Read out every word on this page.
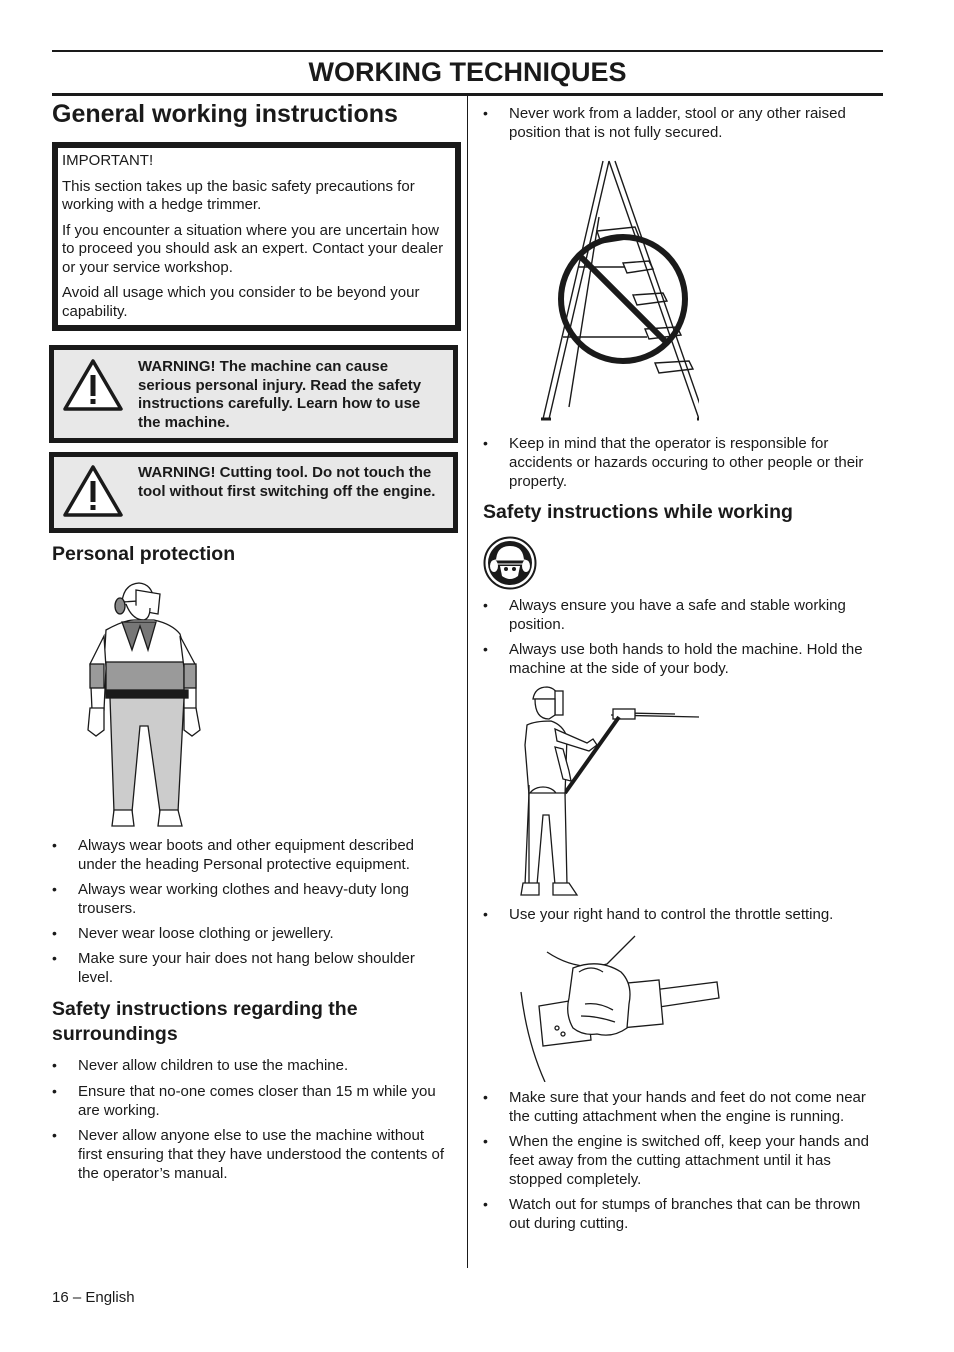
WORKING TECHNIQUES
General working instructions

IMPORTANT!

This section takes up the basic safety precautions for working with a hedge trimmer.

If you encounter a situation where you are uncertain how to proceed you should ask an expert. Contact your dealer or your service workshop.

Avoid all usage which you consider to be beyond your capability.

WARNING! The machine can cause serious personal injury. Read the safety instructions carefully. Learn how to use the machine.
WARNING! Cutting tool. Do not touch the tool without first switching off the engine.
Personal protection
• Always wear boots and other equipment described under the heading Personal protective equipment.
• Always wear working clothes and heavy-duty long trousers.
• Never wear loose clothing or jewellery.
• Make sure your hair does not hang below shoulder level.
Safety instructions regarding the surroundings
• Never allow children to use the machine.
• Ensure that no-one comes closer than 15 m while you are working.
• Never allow anyone else to use the machine without first ensuring that they have understood the contents of the operator’s manual.
• Never work from a ladder, stool or any other raised position that is not fully secured.
• Keep in mind that the operator is responsible for accidents or hazards occuring to other people or their property.
Safety instructions while working
• Always ensure you have a safe and stable working position.
• Always use both hands to hold the machine. Hold the machine at the side of your body.
• Use your right hand to control the throttle setting.
• Make sure that your hands and feet do not come near the cutting attachment when the engine is running.
• When the engine is switched off, keep your hands and feet away from the cutting attachment until it has stopped completely.
• Watch out for stumps of branches that can be thrown out during cutting.
16 – English
